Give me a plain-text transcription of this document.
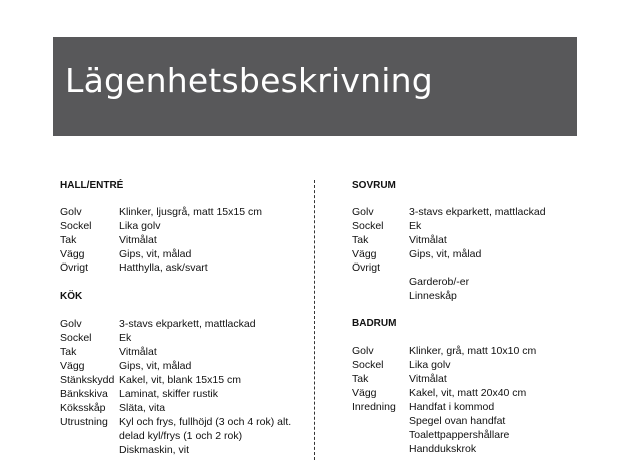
Lägenhetsbeskrivning
HALL/ENTRÉ
Golv	Klinker, ljusgrå, matt 15x15 cm
Sockel	Lika golv
Tak	Vitmålat
Vägg	Gips, vit, målad
Övrigt	Hatthylla, ask/svart
KÖK
Golv	3-stavs ekparkett, mattlackad
Sockel	Ek
Tak	Vitmålat
Vägg	Gips, vit, målad
Stänkskydd Kakel, vit, blank 15x15 cm
Bänkskiva Laminat, skiffer rustik
Köksskåp Släta, vita
Utrustning Kyl och frys, fullhöjd (3 och 4 rok) alt.
delad kyl/frys (1 och 2 rok)
Diskmaskin, vit
SOVRUM
Golv	3-stavs ekparkett, mattlackad
Sockel Ek
Tak	Vitmålat
Vägg	Gips, vit, målad
Övrigt
Garderob/-er
Linneskåp
BADRUM
Golv	Klinker, grå, matt 10x10 cm
Sockel Lika golv
Tak	Vitmålat
Vägg	Kakel, vit, matt 20x40 cm
Inredning Handfat i kommod
Spegel ovan handfat
Toalettpappershållare
Handdukskrok
